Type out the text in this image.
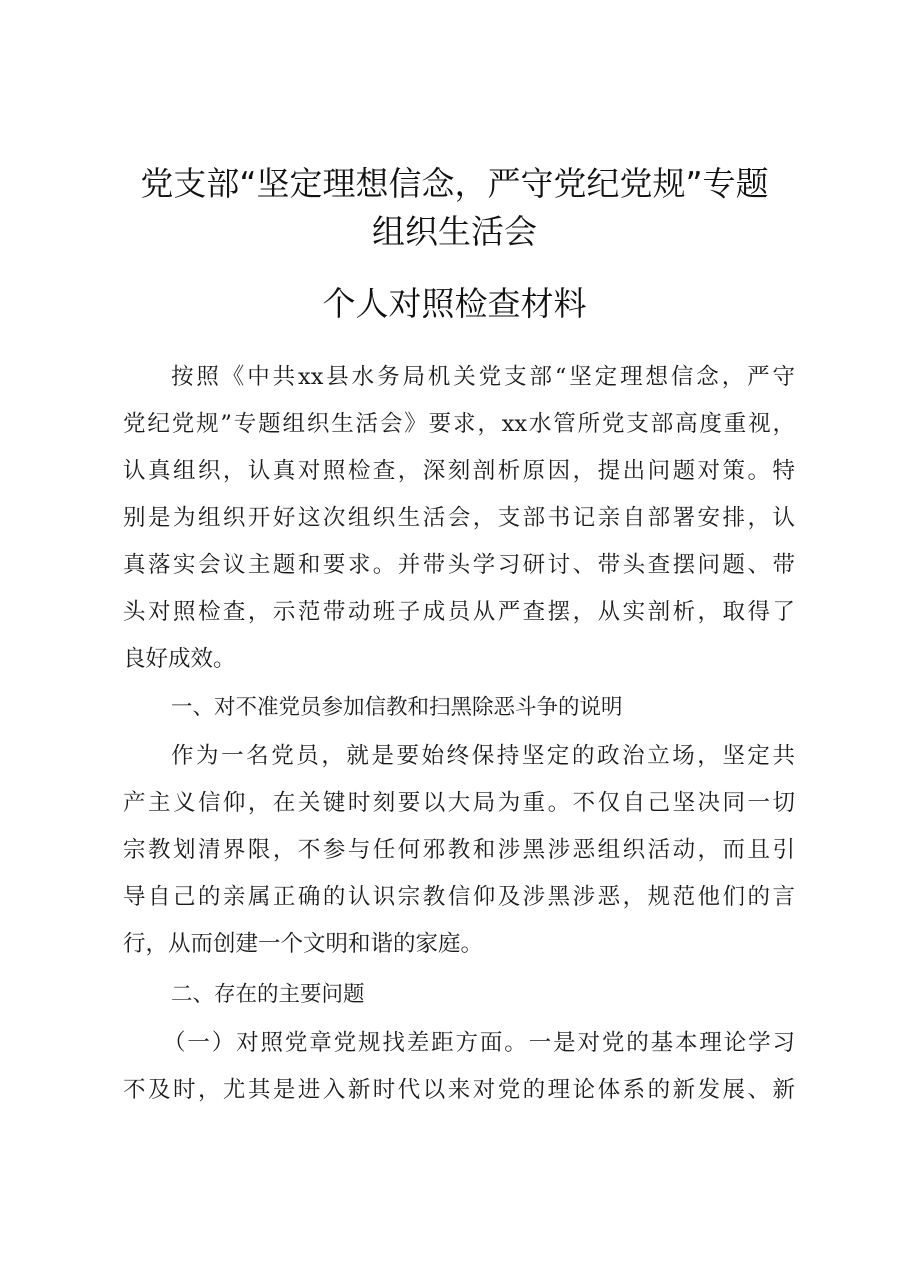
党支部“坚定理想信念，严守党纪党规”专题
组织生活会
个人对照检查材料
按照《中共xx县水务局机关党支部“坚定理想信念，严守
党纪党规”专题组织生活会》要求，xx水管所党支部高度重视，
认真组织，认真对照检查，深刻剖析原因，提出问题对策。特
别是为组织开好这次组织生活会，支部书记亲自部署安排，认
真落实会议主题和要求。并带头学习研讨、带头查摆问题、带
头对照检查，示范带动班子成员从严查摆，从实剖析，取得了
良好成效。
一、对不准党员参加信教和扫黑除恶斗争的说明
作为一名党员，就是要始终保持坚定的政治立场，坚定共
产主义信仰，在关键时刻要以大局为重。不仅自己坚决同一切
宗教划清界限，不参与任何邪教和涉黑涉恶组织活动，而且引
导自己的亲属正确的认识宗教信仰及涉黑涉恶，规范他们的言
行，从而创建一个文明和谐的家庭。
二、存在的主要问题
（一）对照党章党规找差距方面。一是对党的基本理论学习
不及时，尤其是进入新时代以来对党的理论体系的新发展、新
